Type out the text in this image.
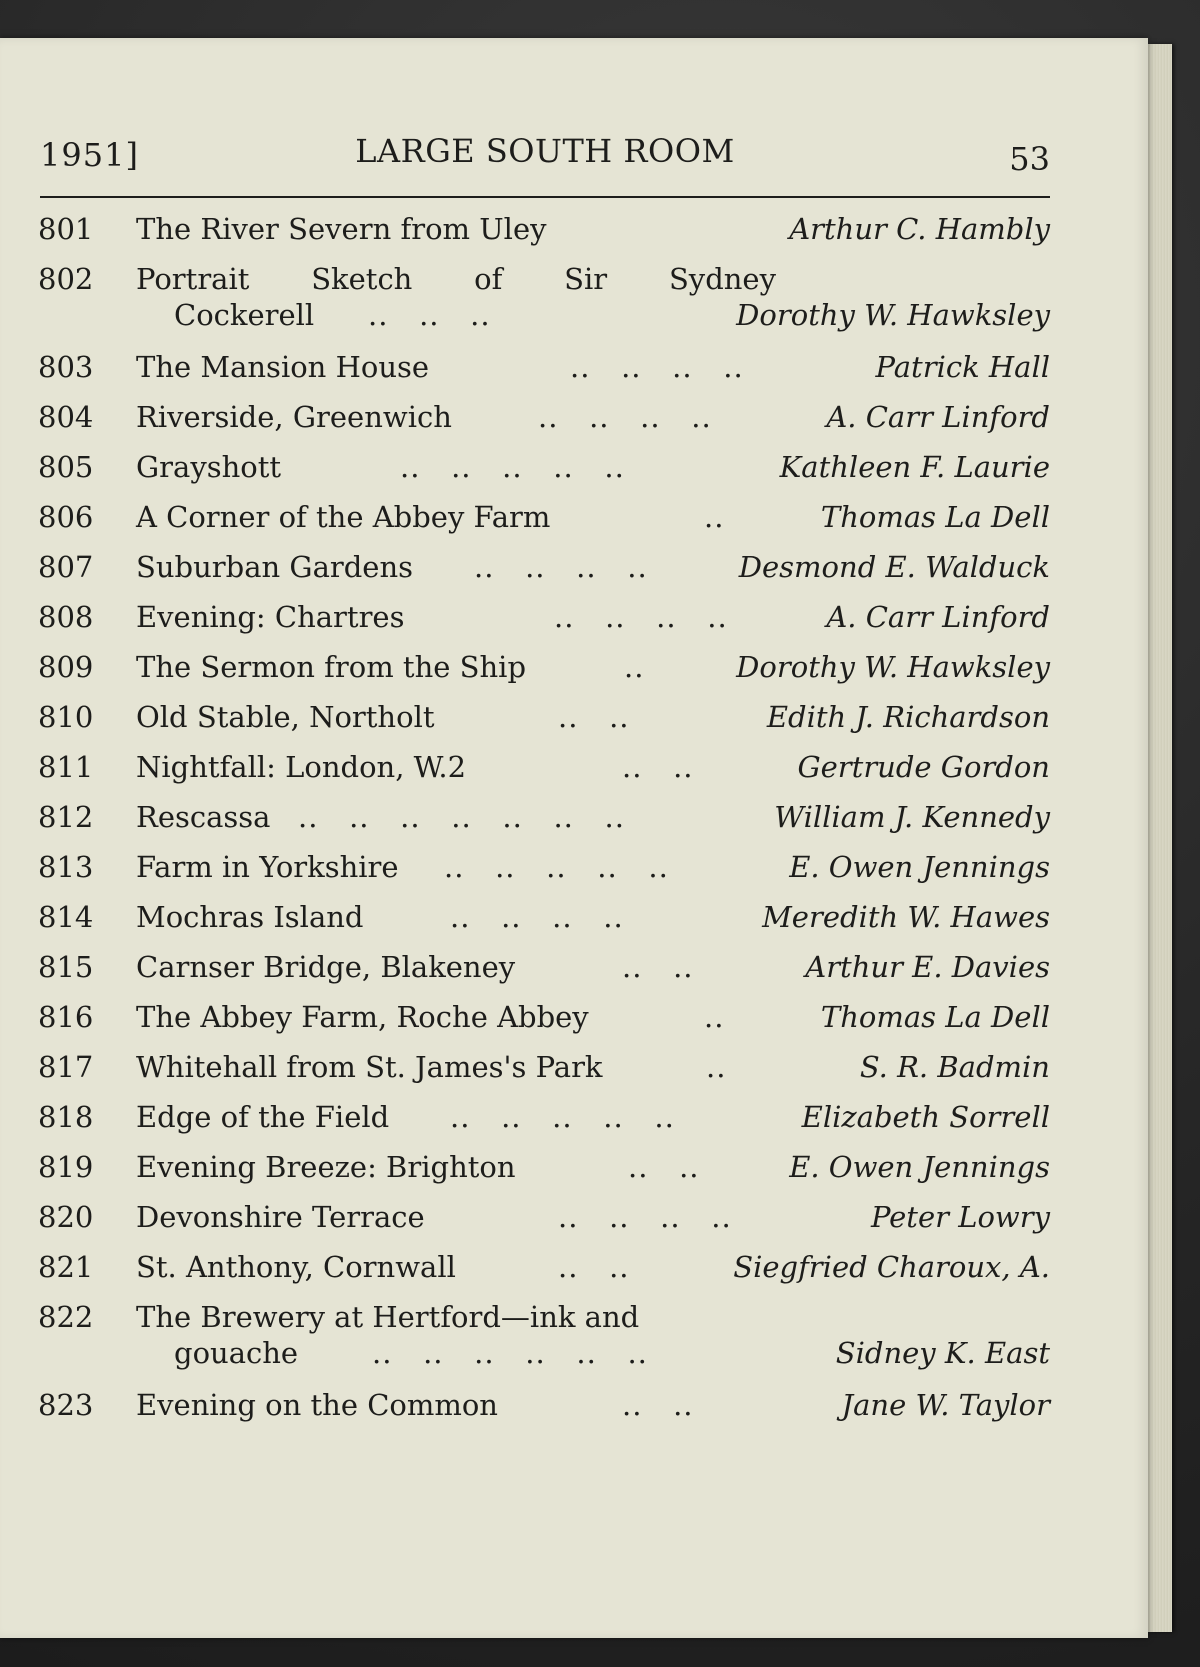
1951]	LARGE SOUTH ROOM	53
801	The River Severn from Uley	Arthur C. Hambly
802	Portrait Sketch of Sir Sydney
Cockerell ..   ..   ..	Dorothy W. Hawksley
803	The Mansion House	..   ..   ..   ..	Patrick Hall
804	Riverside, Greenwich	..   ..   ..   ..	A. Carr Linford
805	Grayshott	..   ..   ..   ..   ..	Kathleen F. Laurie
806	A Corner of the Abbey Farm	..	Thomas La Dell
807	Suburban Gardens	..   ..   ..   ..	Desmond E. Walduck
808	Evening: Chartres	..   ..   ..   ..	A. Carr Linford
809	The Sermon from the Ship	..	Dorothy W. Hawksley
810	Old Stable, Northolt	..   ..	Edith J. Richardson
811	Nightfall: London, W.2	..   ..	Gertrude Gordon
812	Rescassa ..   ..   ..   ..   ..   ..   ..	William J. Kennedy
813	Farm in Yorkshire	..   ..   ..   ..   ..	E. Owen Jennings
814	Mochras Island	..   ..   ..   ..	Meredith W. Hawes
815	Carnser Bridge, Blakeney	..   ..	Arthur E. Davies
816	The Abbey Farm, Roche Abbey	..	Thomas La Dell
817	Whitehall from St. James's Park	..	S. R. Badmin
818	Edge of the Field	..   ..   ..   ..   ..	Elizabeth Sorrell
819	Evening Breeze: Brighton	..   ..	E. Owen Jennings
820	Devonshire Terrace	..   ..   ..   ..	Peter Lowry
821	St. Anthony, Cornwall	..   ..	Siegfried Charoux, A.
822	The Brewery at Hertford—ink and
gouache	..   ..   ..   ..   ..   ..	Sidney K. East
823	Evening on the Common	..   ..	Jane W. Taylor
